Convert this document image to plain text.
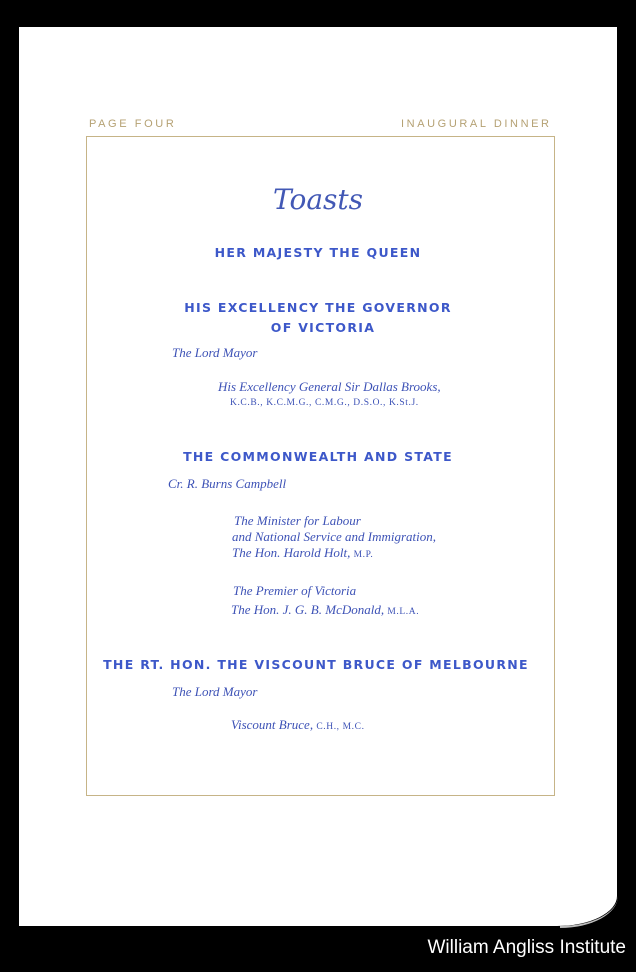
PAGE FOUR	INAUGURAL DINNER
Toasts
HER MAJESTY THE QUEEN
HIS EXCELLENCY THE GOVERNOR
OF VICTORIA
The Lord Mayor
His Excellency General Sir Dallas Brooks,
K.C.B., K.C.M.G., C.M.G., D.S.O., K.St.J.
THE COMMONWEALTH AND STATE
Cr. R. Burns Campbell
The Minister for Labour
and National Service and Immigration,
The Hon. Harold Holt, M.P.
The Premier of Victoria
The Hon. J. G. B. McDonald, M.L.A.
THE RT. HON. THE VISCOUNT BRUCE OF MELBOURNE
The Lord Mayor
Viscount Bruce, C.H., M.C.
William Angliss Institute
